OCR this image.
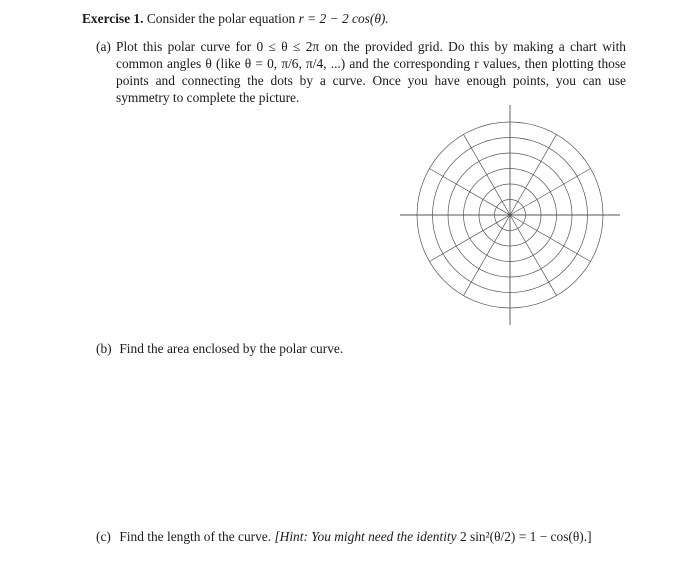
Exercise 1. Consider the polar equation r = 2 − 2 cos(θ).
(a) Plot this polar curve for 0 ≤ θ ≤ 2π on the provided grid. Do this by making a chart with common angles θ (like θ = 0, π/6, π/4, ...) and the corresponding r values, then plotting those points and connecting the dots by a curve. Once you have enough points, you can use symmetry to complete the picture.
(b) Find the area enclosed by the polar curve.
(c) Find the length of the curve. [Hint: You might need the identity 2 sin²(θ/2) = 1 − cos(θ).]
